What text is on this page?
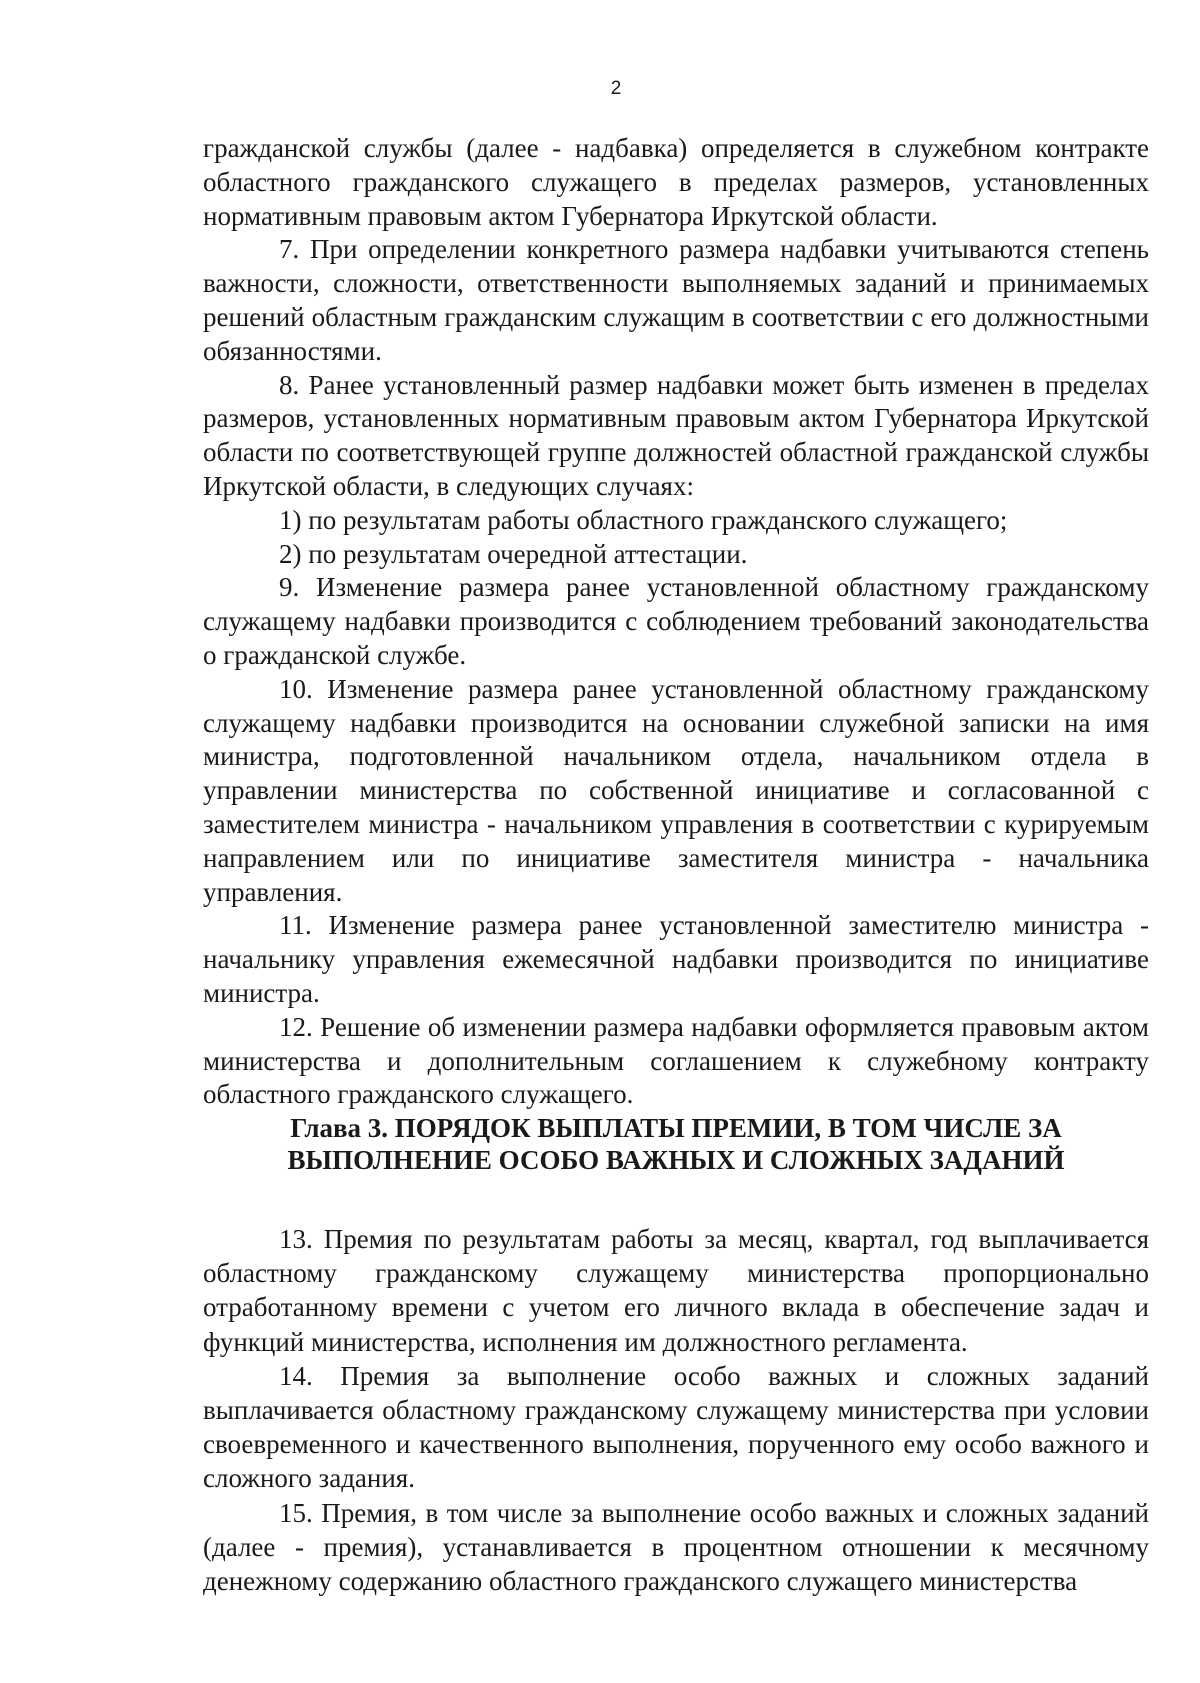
2

гражданской службы (далее - надбавка) определяется в служебном контракте областного гражданского служащего в пределах размеров, установленных нормативным правовым актом Губернатора Иркутской области.

7. При определении конкретного размера надбавки учитываются степень важности, сложности, ответственности выполняемых заданий и принимаемых решений областным гражданским служащим в соответствии с его должностными обязанностями.

8. Ранее установленный размер надбавки может быть изменен в пределах размеров, установленных нормативным правовым актом Губернатора Иркутской области по соответствующей группе должностей областной гражданской службы Иркутской области, в следующих случаях:

1) по результатам работы областного гражданского служащего;

2) по результатам очередной аттестации.

9. Изменение размера ранее установленной областному гражданскому служащему надбавки производится с соблюдением требований законодательства о гражданской службе.

10. Изменение размера ранее установленной областному гражданскому служащему надбавки производится на основании служебной записки на имя министра, подготовленной начальником отдела, начальником отдела в управлении министерства по собственной инициативе и согласованной с заместителем министра - начальником управления в соответствии с курируемым направлением или по инициативе заместителя министра - начальника управления.

11. Изменение размера ранее установленной заместителю министра - начальнику управления ежемесячной надбавки производится по инициативе министра.

12. Решение об изменении размера надбавки оформляется правовым актом министерства и дополнительным соглашением к служебному контракту областного гражданского служащего.

Глава 3. ПОРЯДОК ВЫПЛАТЫ ПРЕМИИ, В ТОМ ЧИСЛЕ ЗА
ВЫПОЛНЕНИЕ ОСОБО ВАЖНЫХ И СЛОЖНЫХ ЗАДАНИЙ

13. Премия по результатам работы за месяц, квартал, год выплачивается областному гражданскому служащему министерства пропорционально отработанному времени с учетом его личного вклада в обеспечение задач и функций министерства, исполнения им должностного регламента.

14. Премия за выполнение особо важных и сложных заданий выплачивается областному гражданскому служащему министерства при условии своевременного и качественного выполнения, порученного ему особо важного и сложного задания.

15. Премия, в том числе за выполнение особо важных и сложных заданий (далее - премия), устанавливается в процентном отношении к месячному денежному содержанию областного гражданского служащего министерства
